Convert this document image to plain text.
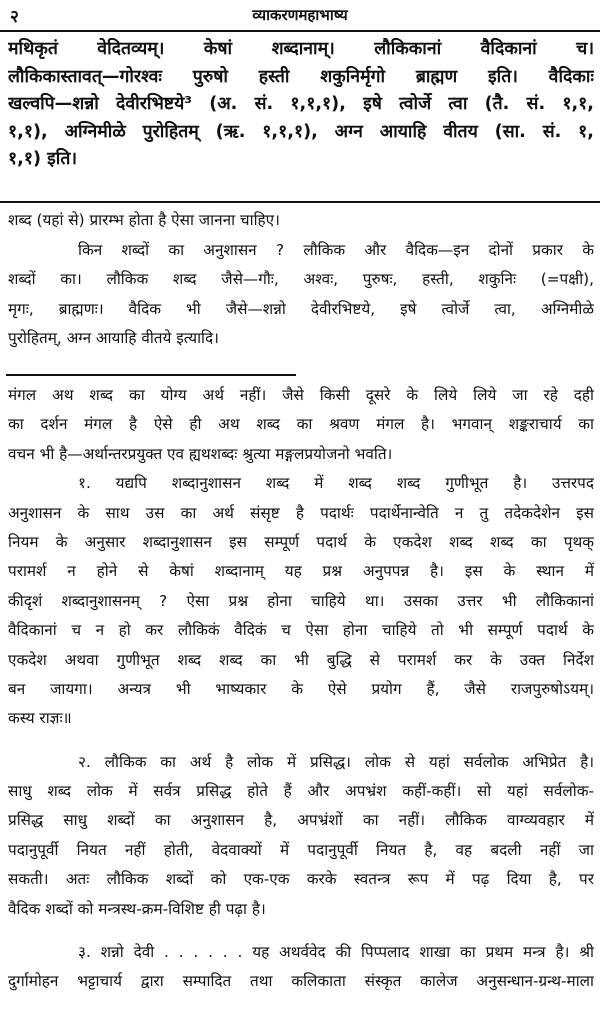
२	व्याकरणमहाभाष्य
मथिकृतं वेदितव्यम्। केषां शब्दानाम्। लौकिकानां वैदिकानां च।
लौकिकास्तावत्—गोरश्वः पुरुषो हस्ती शकुनिर्मृगो ब्राह्मण इति। वैदिकाः
खल्वपि—शन्नो देवीरभिष्टये³ (अ. सं. १,१,१), इषे त्वोर्जे त्वा (तै. सं. १,१,
१,१), अग्निमीळे पुरोहितम् (ऋ. १,१,१), अग्न आयाहि वीतय (सा. सं. १,
१,१) इति।
शब्द (यहां से) प्रारम्भ होता है ऐसा जानना चाहिए।
किन शब्दों का अनुशासन ? लौकिक और वैदिक—इन दोनों प्रकार के
शब्दों का। लौकिक शब्द जैसे—गौः, अश्वः, पुरुषः, हस्ती, शकुनिः (=पक्षी),
मृगः, ब्राह्मणः। वैदिक भी जैसे—शन्नो देवीरभिष्टये, इषे त्वोर्जे त्वा, अग्निमीळे
पुरोहितम्, अग्न आयाहि वीतये इत्यादि।
मंगल अथ शब्द का योग्य अर्थ नहीं। जैसे किसी दूसरे के लिये लिये जा रहे दही
का दर्शन मंगल है ऐसे ही अथ शब्द का श्रवण मंगल है। भगवान् शङ्कराचार्य का
वचन भी है—अर्थान्तरप्रयुक्त एव ह्यथशब्दः श्रुत्या मङ्गलप्रयोजनो भवति।
१. यद्यपि शब्दानुशासन शब्द में शब्द शब्द गुणीभूत है। उत्तरपद
अनुशासन के साथ उस का अर्थ संसृष्ट है पदार्थः पदार्थेनान्वेति न तु तदेकदेशेन इस
नियम के अनुसार शब्दानुशासन इस सम्पूर्ण पदार्थ के एकदेश शब्द शब्द का पृथक्
परामर्श न होने से केषां शब्दानाम् यह प्रश्न अनुपपन्न है। इस के स्थान में
कीदृशं शब्दानुशासनम् ? ऐसा प्रश्न होना चाहिये था। उसका उत्तर भी लौकिकानां
वैदिकानां च न हो कर लौकिकं वैदिकं च ऐसा होना चाहिये तो भी सम्पूर्ण पदार्थ के
एकदेश अथवा गुणीभूत शब्द शब्द का भी बुद्धि से परामर्श कर के उक्त निर्देश
बन जायगा। अन्यत्र भी भाष्यकार के ऐसे प्रयोग हैं, जैसे राजपुरुषोऽयम्।
कस्य राज्ञः॥
२. लौकिक का अर्थ है लोक में प्रसिद्ध। लोक से यहां सर्वलोक अभिप्रेत है।
साधु शब्द लोक में सर्वत्र प्रसिद्ध होते हैं और अपभ्रंश कहीं-कहीं। सो यहां सर्वलोक-
प्रसिद्ध साधु शब्दों का अनुशासन है, अपभ्रंशों का नहीं। लौकिक वाग्व्यवहार में
पदानुपूर्वी नियत नहीं होती, वेदवाक्यों में पदानुपूर्वी नियत है, वह बदली नहीं जा
सकती। अतः लौकिक शब्दों को एक-एक करके स्वतन्त्र रूप में पढ़ दिया है, पर
वैदिक शब्दों को मन्त्रस्थ-क्रम-विशिष्ट ही पढ़ा है।
३. शन्नो देवी . . . . . . यह अथर्ववेद की पिप्पलाद शाखा का प्रथम मन्त्र है। श्री
दुर्गामोहन भट्टाचार्य द्वारा सम्पादित तथा कलिकाता संस्कृत कालेज अनुसन्धान-ग्रन्थ-माला
